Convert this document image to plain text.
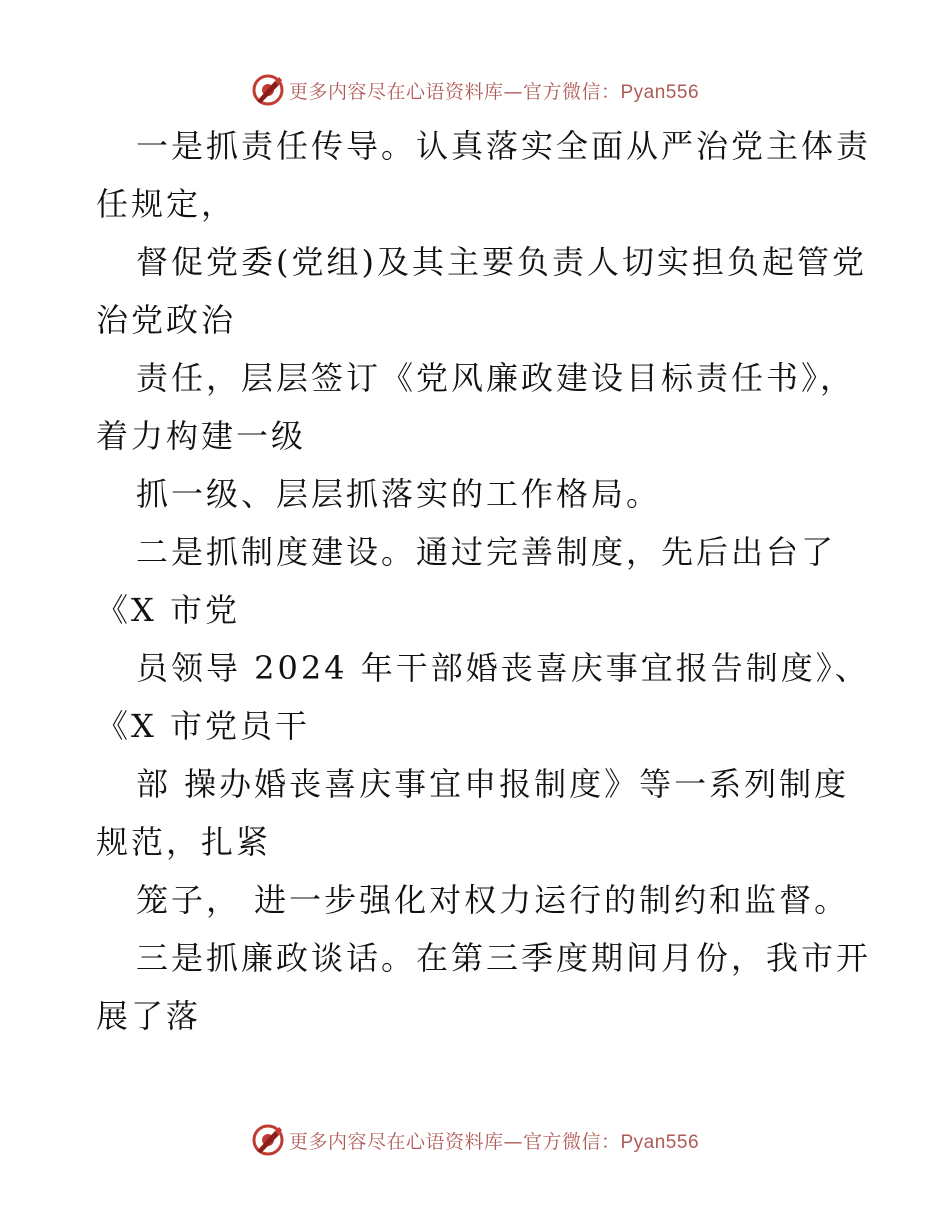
更多内容尽在心语资料库—官方微信：Pyan556
一是抓责任传导。认真落实全面从严治党主体责
任规定，
督促党委(党组)及其主要负责人切实担负起管党
治党政治
责任，层层签订《党风廉政建设目标责任书》，
着力构建一级
抓一级、层层抓落实的工作格局。
二是抓制度建设。通过完善制度，先后出台了
《X 市党
员领导 2024 年干部婚丧喜庆事宜报告制度》、
《X 市党员干
部 操办婚丧喜庆事宜申报制度》等一系列制度
规范，扎紧
笼子， 进一步强化对权力运行的制约和监督。
三是抓廉政谈话。在第三季度期间月份，我市开
展了落
更多内容尽在心语资料库—官方微信：Pyan556
